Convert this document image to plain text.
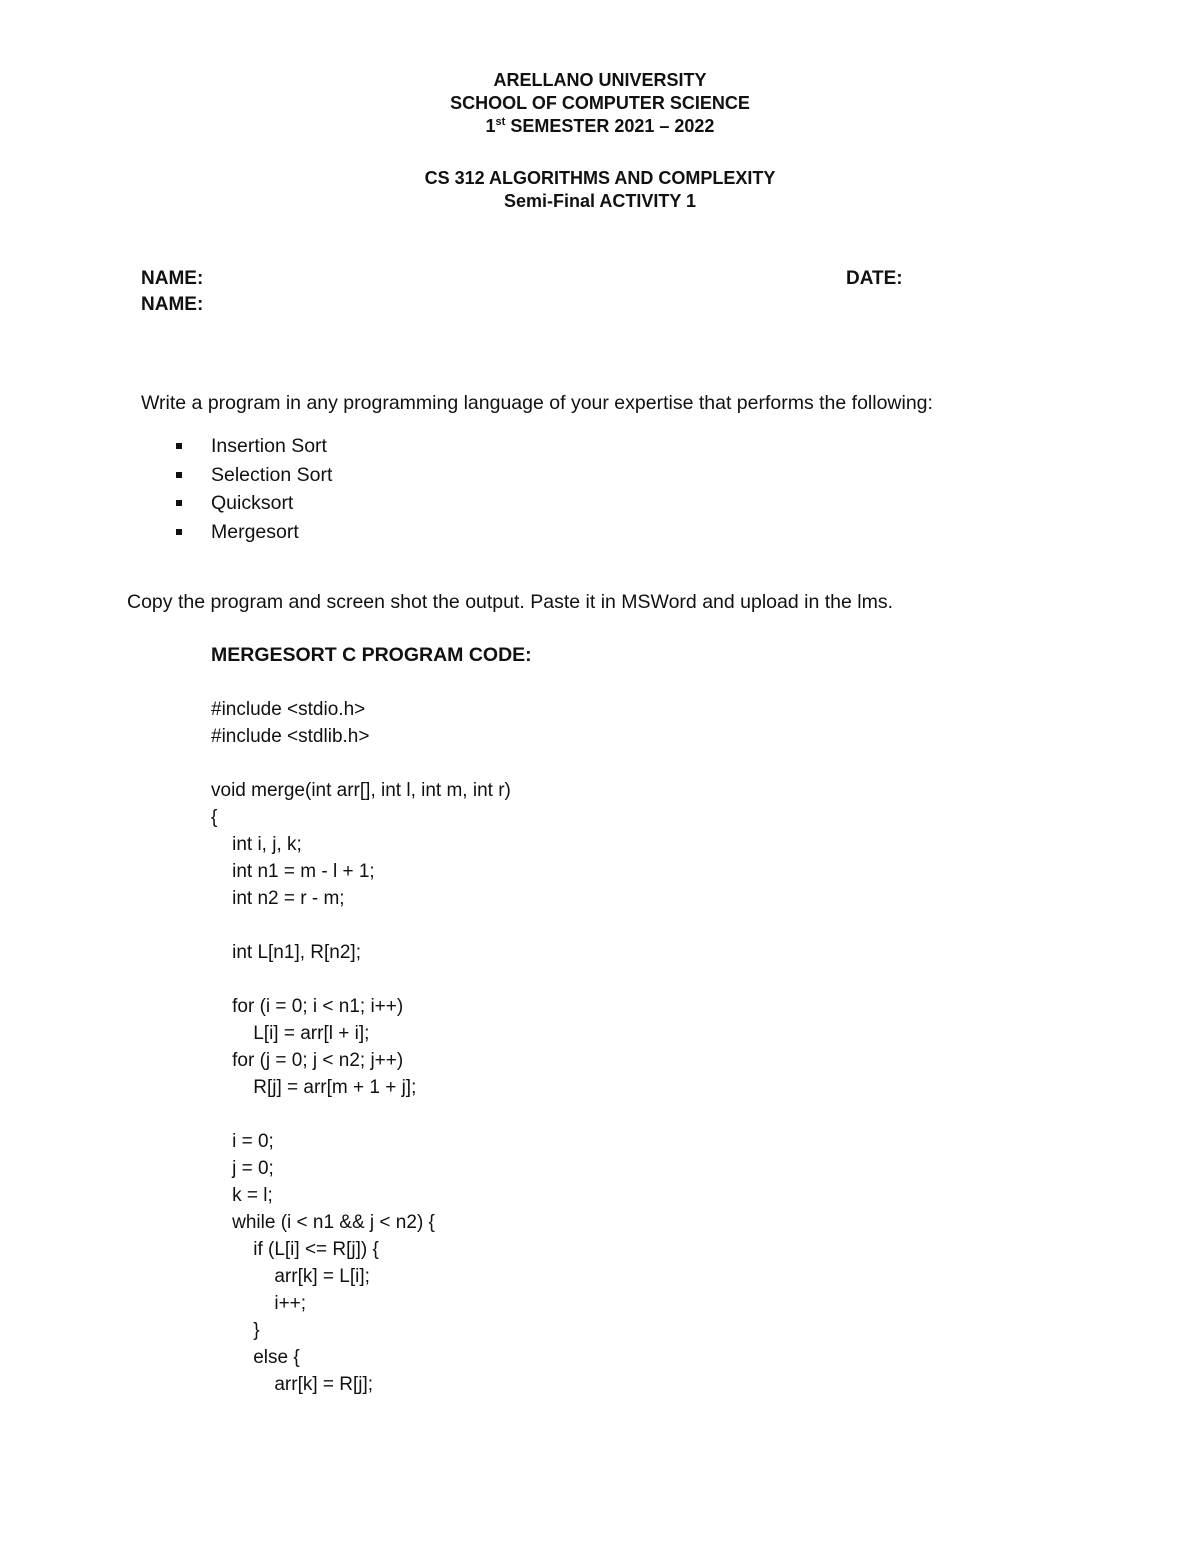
ARELLANO UNIVERSITY
SCHOOL OF COMPUTER SCIENCE
1st SEMESTER 2021 – 2022
CS 312 ALGORITHMS AND COMPLEXITY
Semi-Final ACTIVITY 1
NAME:
NAME:
DATE:
Write a program in any programming language of your expertise that performs the following:
Insertion Sort
Selection Sort
Quicksort
Mergesort
Copy the program and screen shot the output. Paste it in MSWord and upload in the lms.
MERGESORT C PROGRAM CODE:
#include <stdio.h>
#include <stdlib.h>
void merge(int arr[], int l, int m, int r)
{
int i, j, k;
int n1 = m - l + 1;
int n2 = r - m;
int L[n1], R[n2];
for (i = 0; i < n1; i++)
L[i] = arr[l + i];
for (j = 0; j < n2; j++)
R[j] = arr[m + 1 + j];
i = 0;
j = 0;
k = l;
while (i < n1 && j < n2) {
if (L[i] <= R[j]) {
arr[k] = L[i];
i++;
}
else {
arr[k] = R[j];
